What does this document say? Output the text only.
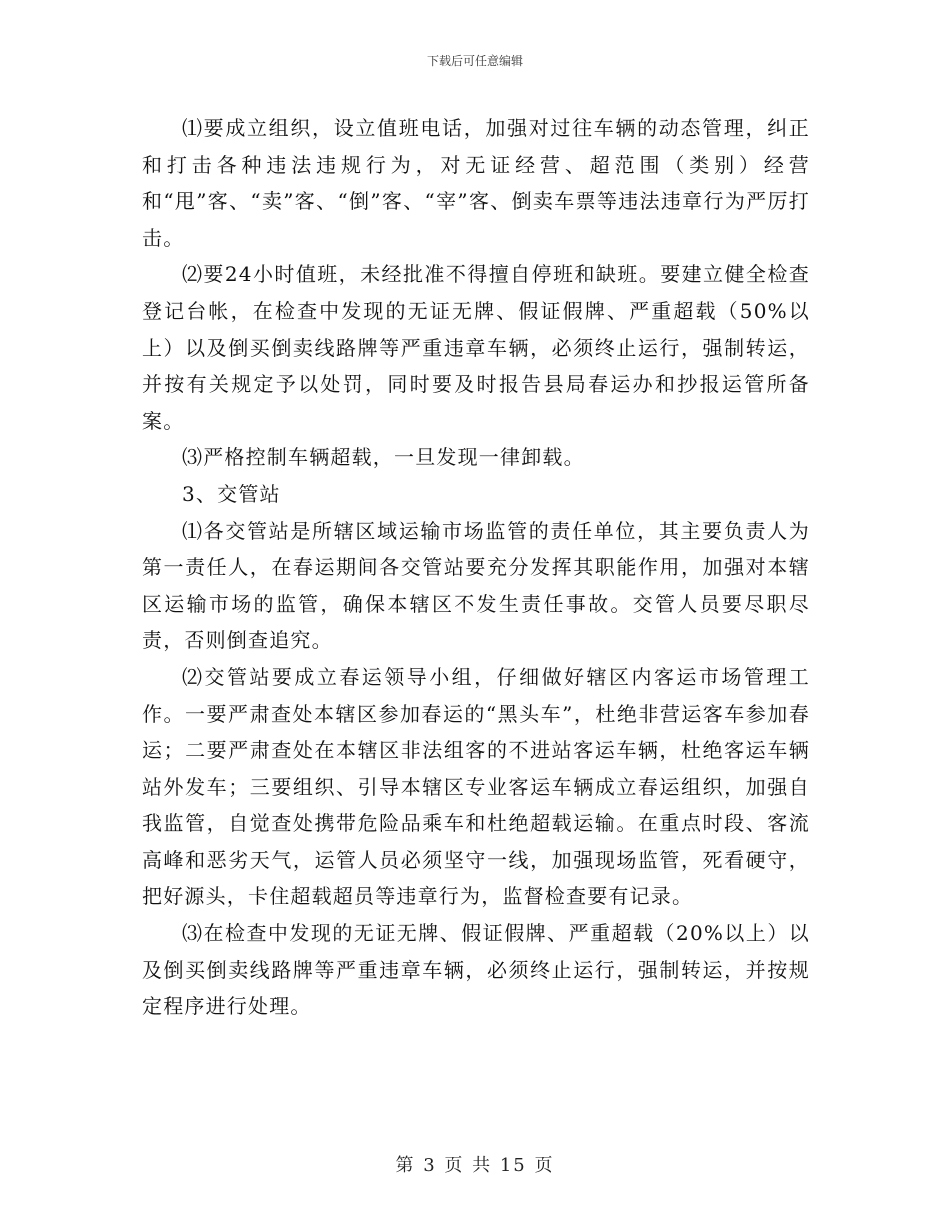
下载后可任意编辑

⑴要成立组织，设立值班电话，加强对过往车辆的动态管理，纠正和打击各种违法违规行为，对无证经营、超范围（类别）经营和“甩”客、“卖”客、“倒”客、“宰”客、倒卖车票等违法违章行为严厉打击。

⑵要24小时值班，未经批准不得擅自停班和缺班。要建立健全检查登记台帐，在检查中发现的无证无牌、假证假牌、严重超载（50%以上）以及倒买倒卖线路牌等严重违章车辆，必须终止运行，强制转运，并按有关规定予以处罚，同时要及时报告县局春运办和抄报运管所备案。

⑶严格控制车辆超载，一旦发现一律卸载。

3、交管站

⑴各交管站是所辖区域运输市场监管的责任单位，其主要负责人为第一责任人，在春运期间各交管站要充分发挥其职能作用，加强对本辖区运输市场的监管，确保本辖区不发生责任事故。交管人员要尽职尽责，否则倒查追究。

⑵交管站要成立春运领导小组，仔细做好辖区内客运市场管理工作。一要严肃查处本辖区参加春运的“黑头车”，杜绝非营运客车参加春运；二要严肃查处在本辖区非法组客的不进站客运车辆，杜绝客运车辆站外发车；三要组织、引导本辖区专业客运车辆成立春运组织，加强自我监管，自觉查处携带危险品乘车和杜绝超载运输。在重点时段、客流高峰和恶劣天气，运管人员必须坚守一线，加强现场监管，死看硬守，把好源头，卡住超载超员等违章行为，监督检查要有记录。

⑶在检查中发现的无证无牌、假证假牌、严重超载（20%以上）以及倒买倒卖线路牌等严重违章车辆，必须终止运行，强制转运，并按规定程序进行处理。

第 3 页 共 15 页
